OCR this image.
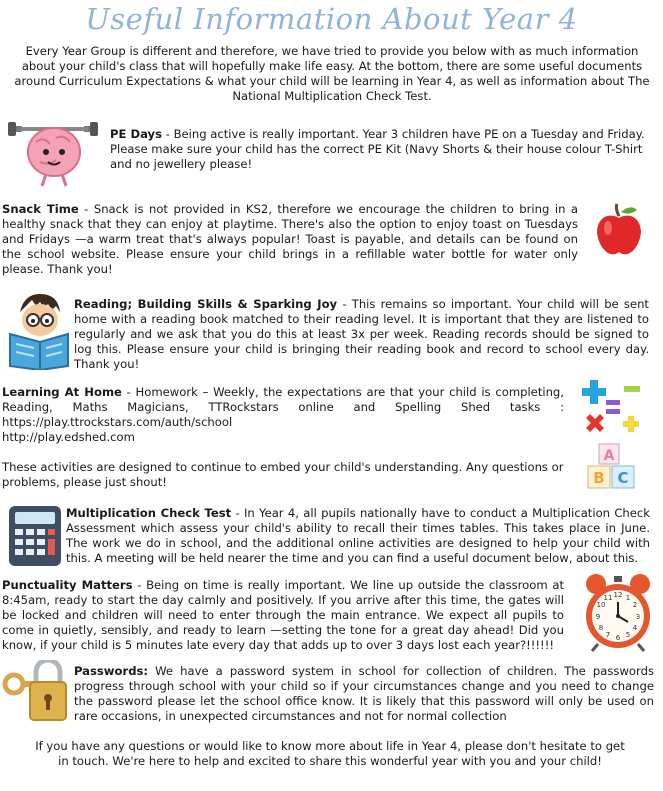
Useful Information About Year 4
Every Year Group is different and therefore, we have tried to provide you below with as much information about your child's class that will hopefully make life easy. At the bottom, there are some useful documents around Curriculum Expectations & what your child will be learning in Year 4, as well as information about The National Multiplication Check Test.
PE Days - Being active is really important. Year 3 children have PE on a Tuesday and Friday. Please make sure your child has the correct PE Kit (Navy Shorts & their house colour T-Shirt and no jewellery please!
Snack Time - Snack is not provided in KS2, therefore we encourage the children to bring in a healthy snack that they can enjoy at playtime. There's also the option to enjoy toast on Tuesdays and Fridays —a warm treat that's always popular! Toast is payable, and details can be found on the school website. Please ensure your child brings in a refillable water bottle for water only please. Thank you!
Reading; Building Skills & Sparking Joy - This remains so important. Your child will be sent home with a reading book matched to their reading level. It is important that they are listened to regularly and we ask that you do this at least 3x per week. Reading records should be signed to log this. Please ensure your child is bringing their reading book and record to school every day. Thank you!
Learning At Home - Homework – Weekly, the expectations are that your child is completing, Reading, Maths Magicians, TTRockstars online and Spelling Shed tasks : https://play.ttrockstars.com/auth/school
http://play.edshed.com
These activities are designed to continue to embed your child's understanding. Any questions or problems, please just shout!
A
B C
Multiplication Check Test - In Year 4, all pupils nationally have to conduct a Multiplication Check Assessment which assess your child's ability to recall their times tables. This takes place in June. The work we do in school, and the additional online activities are designed to help your child with this. A meeting will be held nearer the time and you can find a useful document below, about this.
Punctuality Matters - Being on time is really important. We line up outside the classroom at 8:45am, ready to start the day calmly and positively. If you arrive after this time, the gates will be locked and children will need to enter through the main entrance. We expect all pupils to come in quietly, sensibly, and ready to learn —setting the tone for a great day ahead! Did you know, if your child is 5 minutes late every day that adds up to over 3 days lost each year?!!!!!!
12 1
2
3
4
5
6
7
8
9
10
11
Passwords: We have a password system in school for collection of children. The passwords progress through school with your child so if your circumstances change and you need to change the password please let the school office know. It is likely that this password will only be used on rare occasions, in unexpected circumstances and not for normal collection
If you have any questions or would like to know more about life in Year 4, please don't hesitate to get in touch. We're here to help and excited to share this wonderful year with you and your child!
